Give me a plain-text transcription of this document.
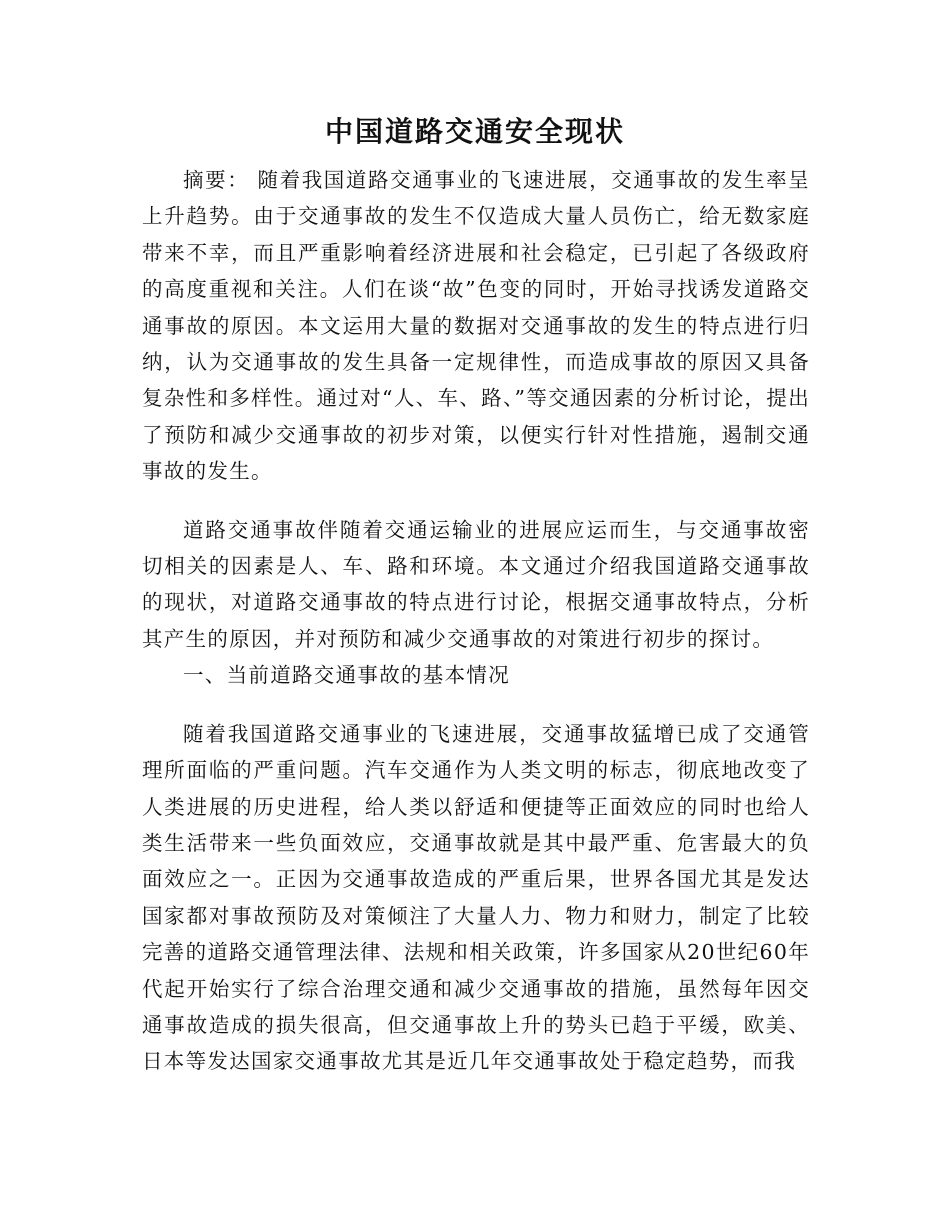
中国道路交通安全现状

摘要： 随着我国道路交通事业的飞速进展，交通事故的发生率呈上升趋势。由于交通事故的发生不仅造成大量人员伤亡，给无数家庭带来不幸，而且严重影响着经济进展和社会稳定，已引起了各级政府的高度重视和关注。人们在谈“故”色变的同时，开始寻找诱发道路交通事故的原因。本文运用大量的数据对交通事故的发生的特点进行归纳，认为交通事故的发生具备一定规律性，而造成事故的原因又具备复杂性和多样性。通过对“人、车、路、”等交通因素的分析讨论，提出了预防和减少交通事故的初步对策，以便实行针对性措施，遏制交通事故的发生。

道路交通事故伴随着交通运输业的进展应运而生，与交通事故密切相关的因素是人、车、路和环境。本文通过介绍我国道路交通事故的现状，对道路交通事故的特点进行讨论，根据交通事故特点，分析其产生的原因，并对预防和减少交通事故的对策进行初步的探讨。

一、当前道路交通事故的基本情况

随着我国道路交通事业的飞速进展，交通事故猛增已成了交通管理所面临的严重问题。汽车交通作为人类文明的标志，彻底地改变了人类进展的历史进程，给人类以舒适和便捷等正面效应的同时也给人类生活带来一些负面效应，交通事故就是其中最严重、危害最大的负面效应之一。正因为交通事故造成的严重后果，世界各国尤其是发达国家都对事故预防及对策倾注了大量人力、物力和财力，制定了比较完善的道路交通管理法律、法规和相关政策，许多国家从20世纪60年代起开始实行了综合治理交通和减少交通事故的措施，虽然每年因交通事故造成的损失很高，但交通事故上升的势头已趋于平缓，欧美、日本等发达国家交通事故尤其是近几年交通事故处于稳定趋势，而我
